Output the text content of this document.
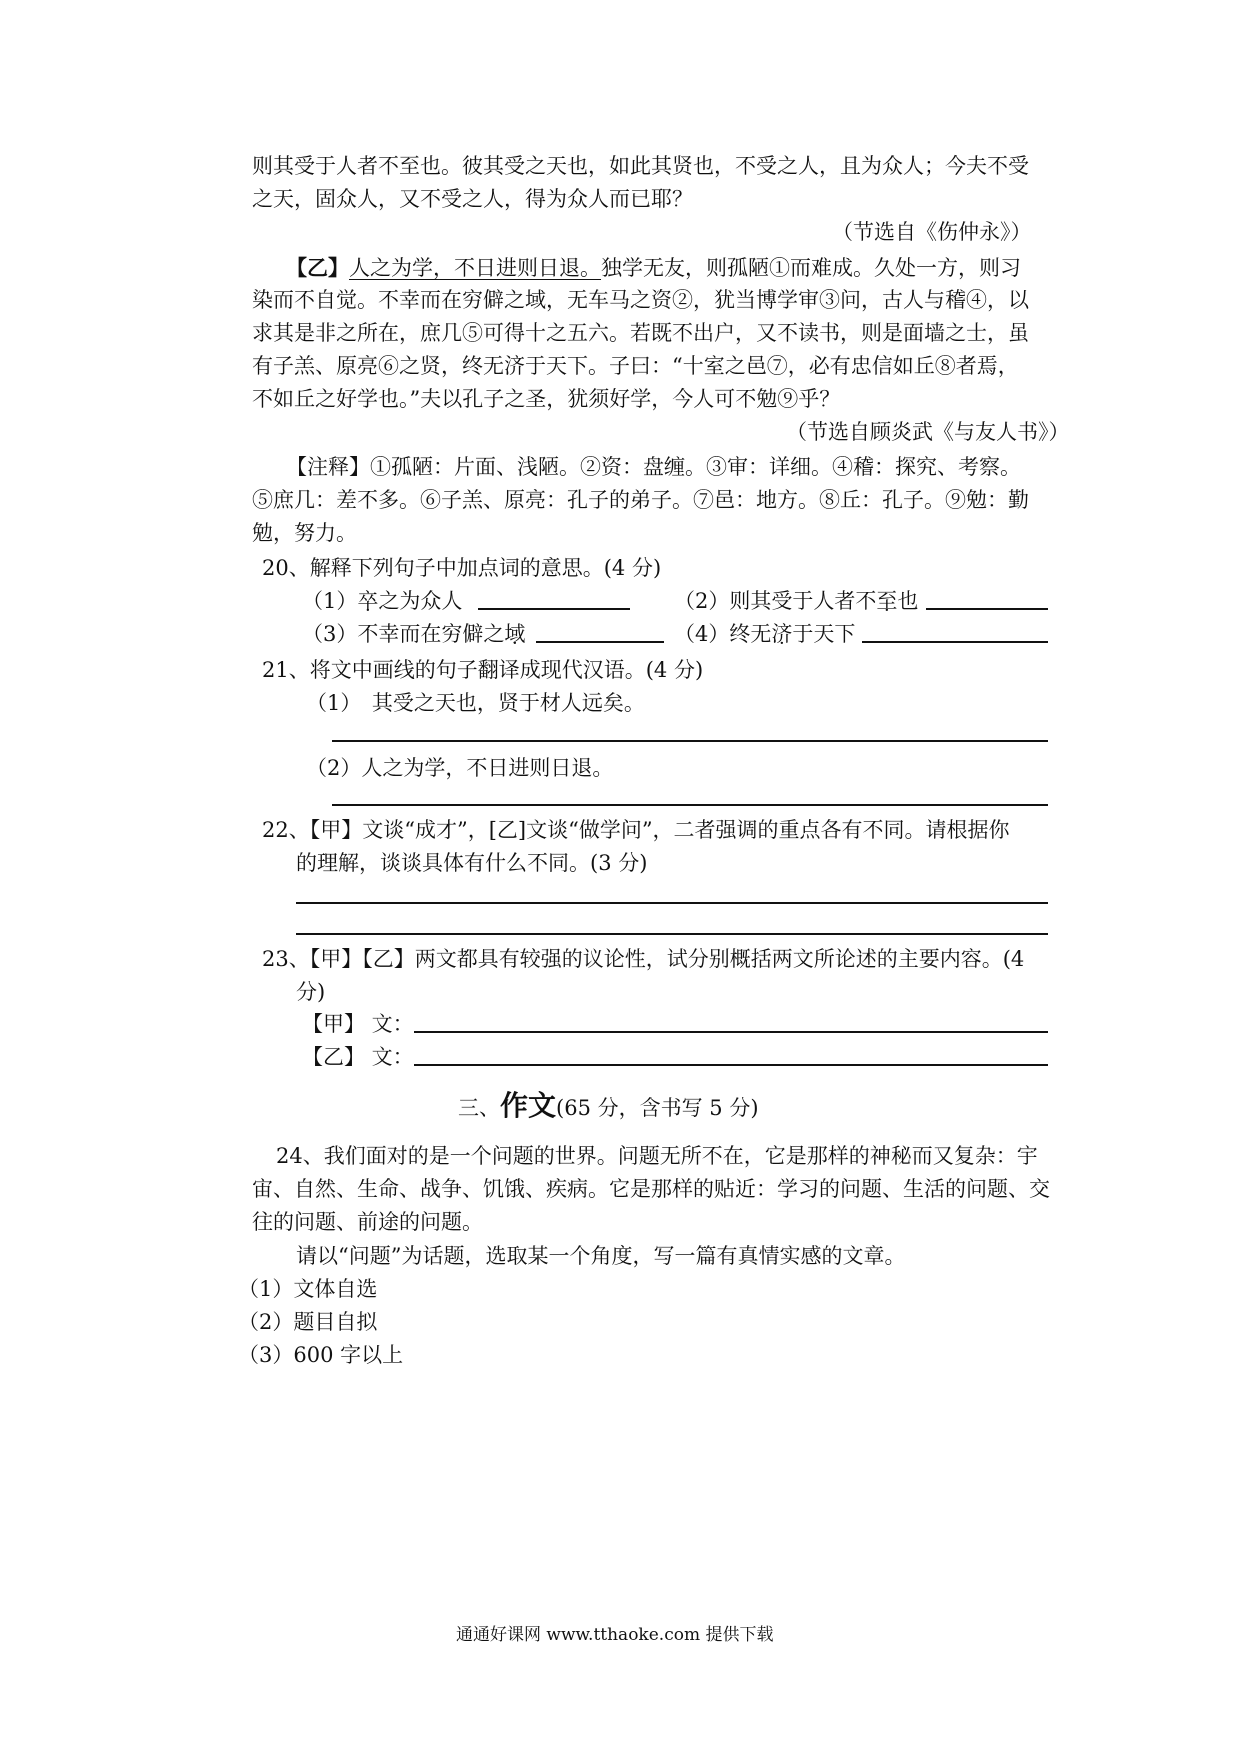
则其受于人者不至也。彼其受之天也，如此其贤也，不受之人，且为众人；今夫不受
之天，固众人，又不受之人，得为众人而已耶？
（节选自《伤仲永》）
【乙】人之为学，不日进则日退。独学无友，则孤陋①而难成。久处一方，则习
染而不自觉。不幸而在穷僻之域，无车马之资②，犹当博学审③问，古人与稽④，以
求其是非之所在，庶几⑤可得十之五六。若既不出户，又不读书，则是面墙之士，虽
有子羔、原亮⑥之贤，终无济于天下。子曰：“十室之邑⑦，必有忠信如丘⑧者焉，
不如丘之好学也。”夫以孔子之圣，犹须好学，今人可不勉⑨乎？
（节选自顾炎武《与友人书》）
【注释】①孤陋：片面、浅陋。②资：盘缠。③审：详细。④稽：探究、考察。
⑤庶几：差不多。⑥子羔、原亮：孔子的弟子。⑦邑：地方。⑧丘：孔子。⑨勉：勤
勉，努力。
20、解释下列句子中加点词的意思。(4 分)
（1）卒之为众人	（2）则其受于人者不至也
（3）不幸而在穷僻之域	（4）终无济于天下
21、将文中画线的句子翻译成现代汉语。(4 分)
（1）　其受之天也，贤于材人远矣。
（2）人之为学，不日进则日退。
22、【甲】文谈“成才”，[乙]文谈“做学问”，二者强调的重点各有不同。请根据你
的理解，谈谈具体有什么不同。(3 分)
23、【甲】【乙】两文都具有较强的议论性，试分别概括两文所论述的主要内容。(4
分)
【甲】 文：
【乙】 文：
三、作文(65 分，含书写 5 分)
24、我们面对的是一个问题的世界。问题无所不在，它是那样的神秘而又复杂：宇
宙、自然、生命、战争、饥饿、疾病。它是那样的贴近：学习的问题、生活的问题、交
往的问题、前途的问题。
请以“问题”为话题，选取某一个角度，写一篇有真情实感的文章。
（1）文体自选
（2）题目自拟
（3）600 字以上
通通好课网 www.tthaoke.com 提供下载
